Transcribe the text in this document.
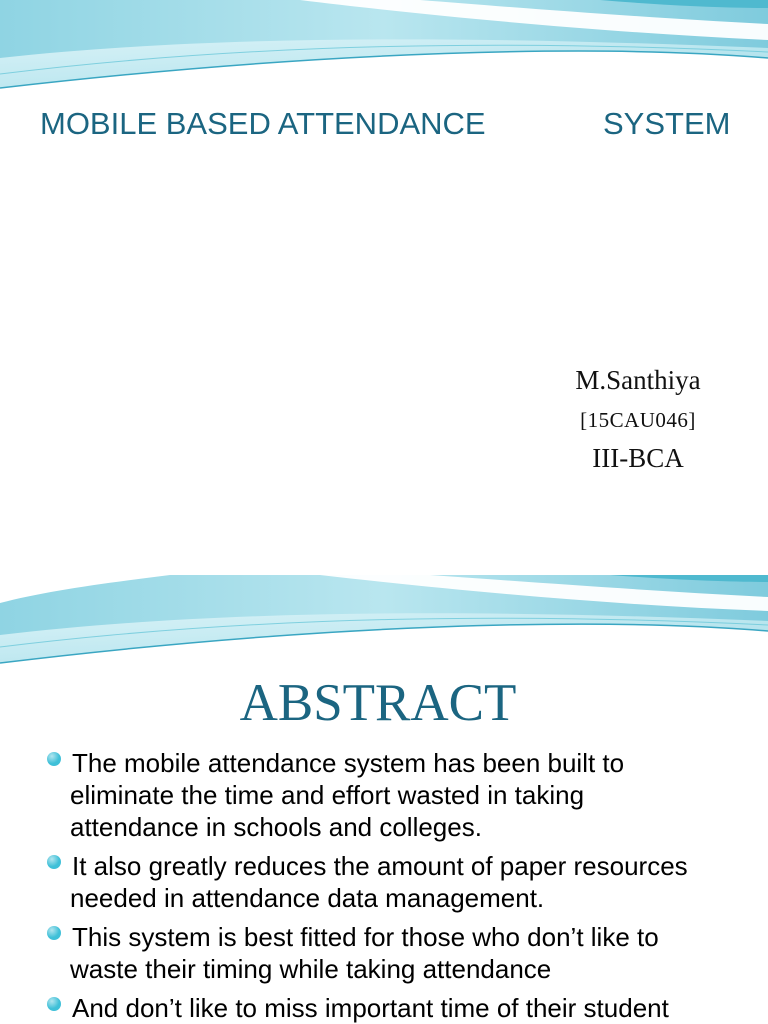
MOBILE BASED ATTENDANCE	SYSTEM
M.Santhiya
[15CAU046]
III-BCA
ABSTRACT
The mobile attendance system has been built to
eliminate the time and effort wasted in taking
attendance in schools and colleges.
It also greatly reduces the amount of paper resources
needed in attendance data management.
This system is best fitted for those who don’t like to
waste their timing while taking attendance
And don’t like to miss important time of their student
